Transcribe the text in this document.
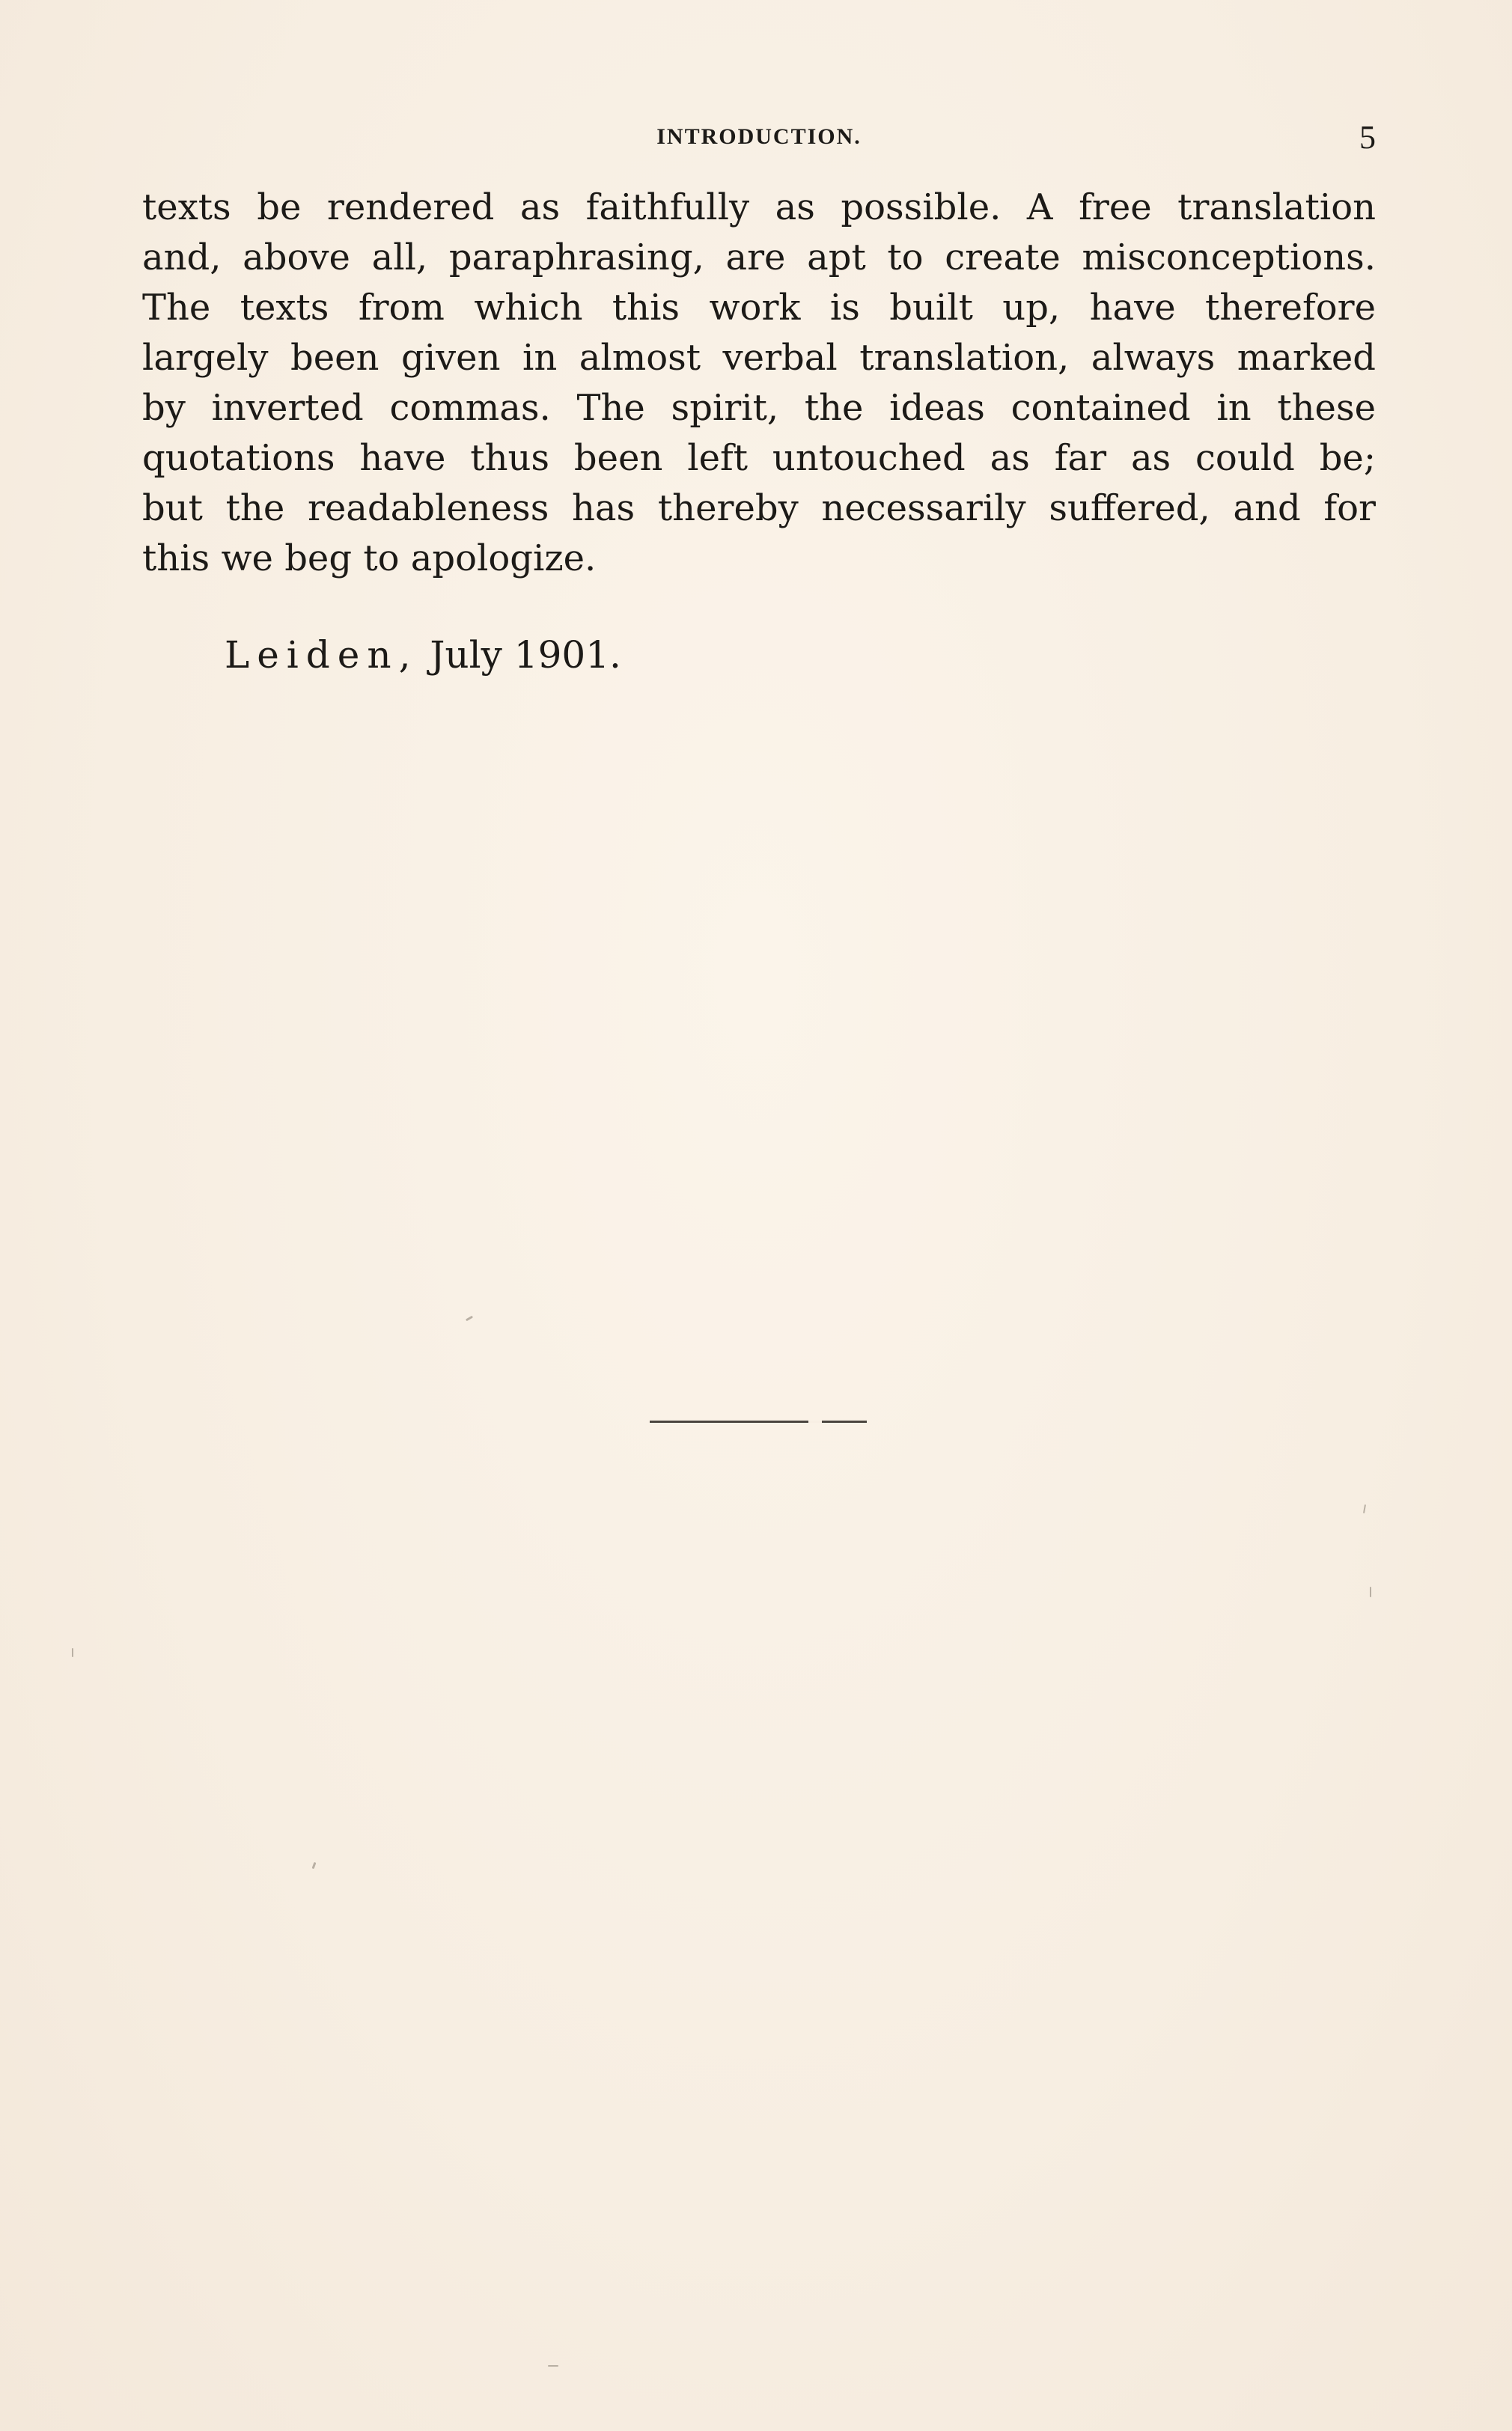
INTRODUCTION.	5
texts be rendered as faithfully as possible. A free translation
and, above all, paraphrasing, are apt to create misconceptions.
The texts from which this work is built up, have therefore
largely been given in almost verbal translation, always marked
by inverted commas. The spirit, the ideas contained in these
quotations have thus been left untouched as far as could be;
but the readableness has thereby necessarily suffered, and for
this we beg to apologize.
Leiden, July 1901.
